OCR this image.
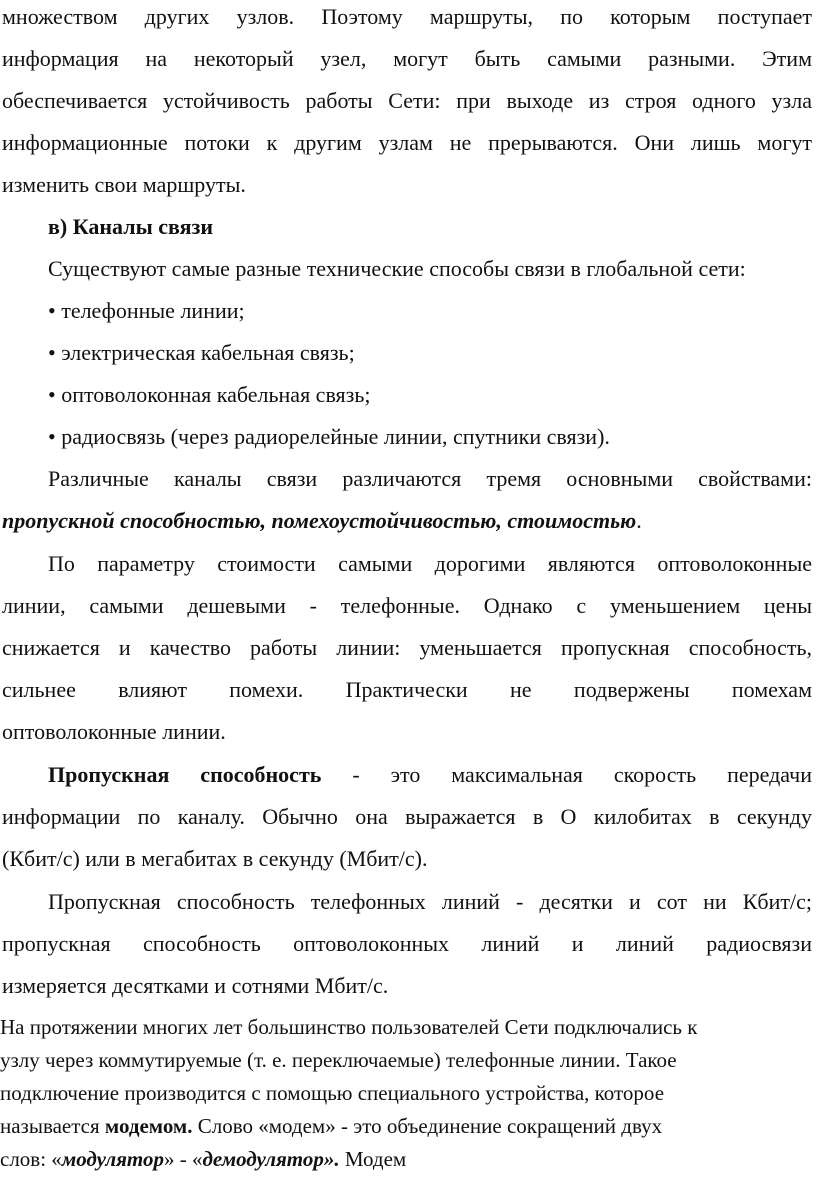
множеством других узлов. Поэтому маршруты, по которым поступает
информация на некоторый узел, могут быть самыми разными. Этим
обеспечивается устойчивость работы Сети: при выходе из строя одного узла
информационные потоки к другим узлам не прерываются. Они лишь могут
изменить свои маршруты.
в) Каналы связи
Существуют самые разные технические способы связи в глобальной сети:
• телефонные линии;
• электрическая кабельная связь;
• оптоволоконная кабельная связь;
• радиосвязь (через радиорелейные линии, спутники связи).
Различные каналы связи различаются тремя основными свойствами:
пропускной способностью, помехоустойчивостью, стоимостью.
По параметру стоимости самыми дорогими являются оптоволоконные
линии, самыми дешевыми - телефонные. Однако с уменьшением цены
снижается и качество работы линии: уменьшается пропускная способность,
сильнее влияют помехи. Практически не подвержены помехам
оптоволоконные линии.
Пропускная способность - это максимальная скорость передачи
информации по каналу. Обычно она выражается в О килобитах в секунду
(Кбит/с) или в мегабитах в секунду (Мбит/с).
Пропускная способность телефонных линий - десятки и сот ни Кбит/с;
пропускная способность оптоволоконных линий и линий радиосвязи
измеряется десятками и сотнями Мбит/с.
На протяжении многих лет большинство пользователей Сети подключались к
узлу через коммутируемые (т. е. переключаемые) телефонные линии. Такое
подключение производится с помощью специального устройства, которое
называется модемом. Слово «модем» - это объединение сокращений двух
слов: «модулятор» - «демодулятор». Модем
